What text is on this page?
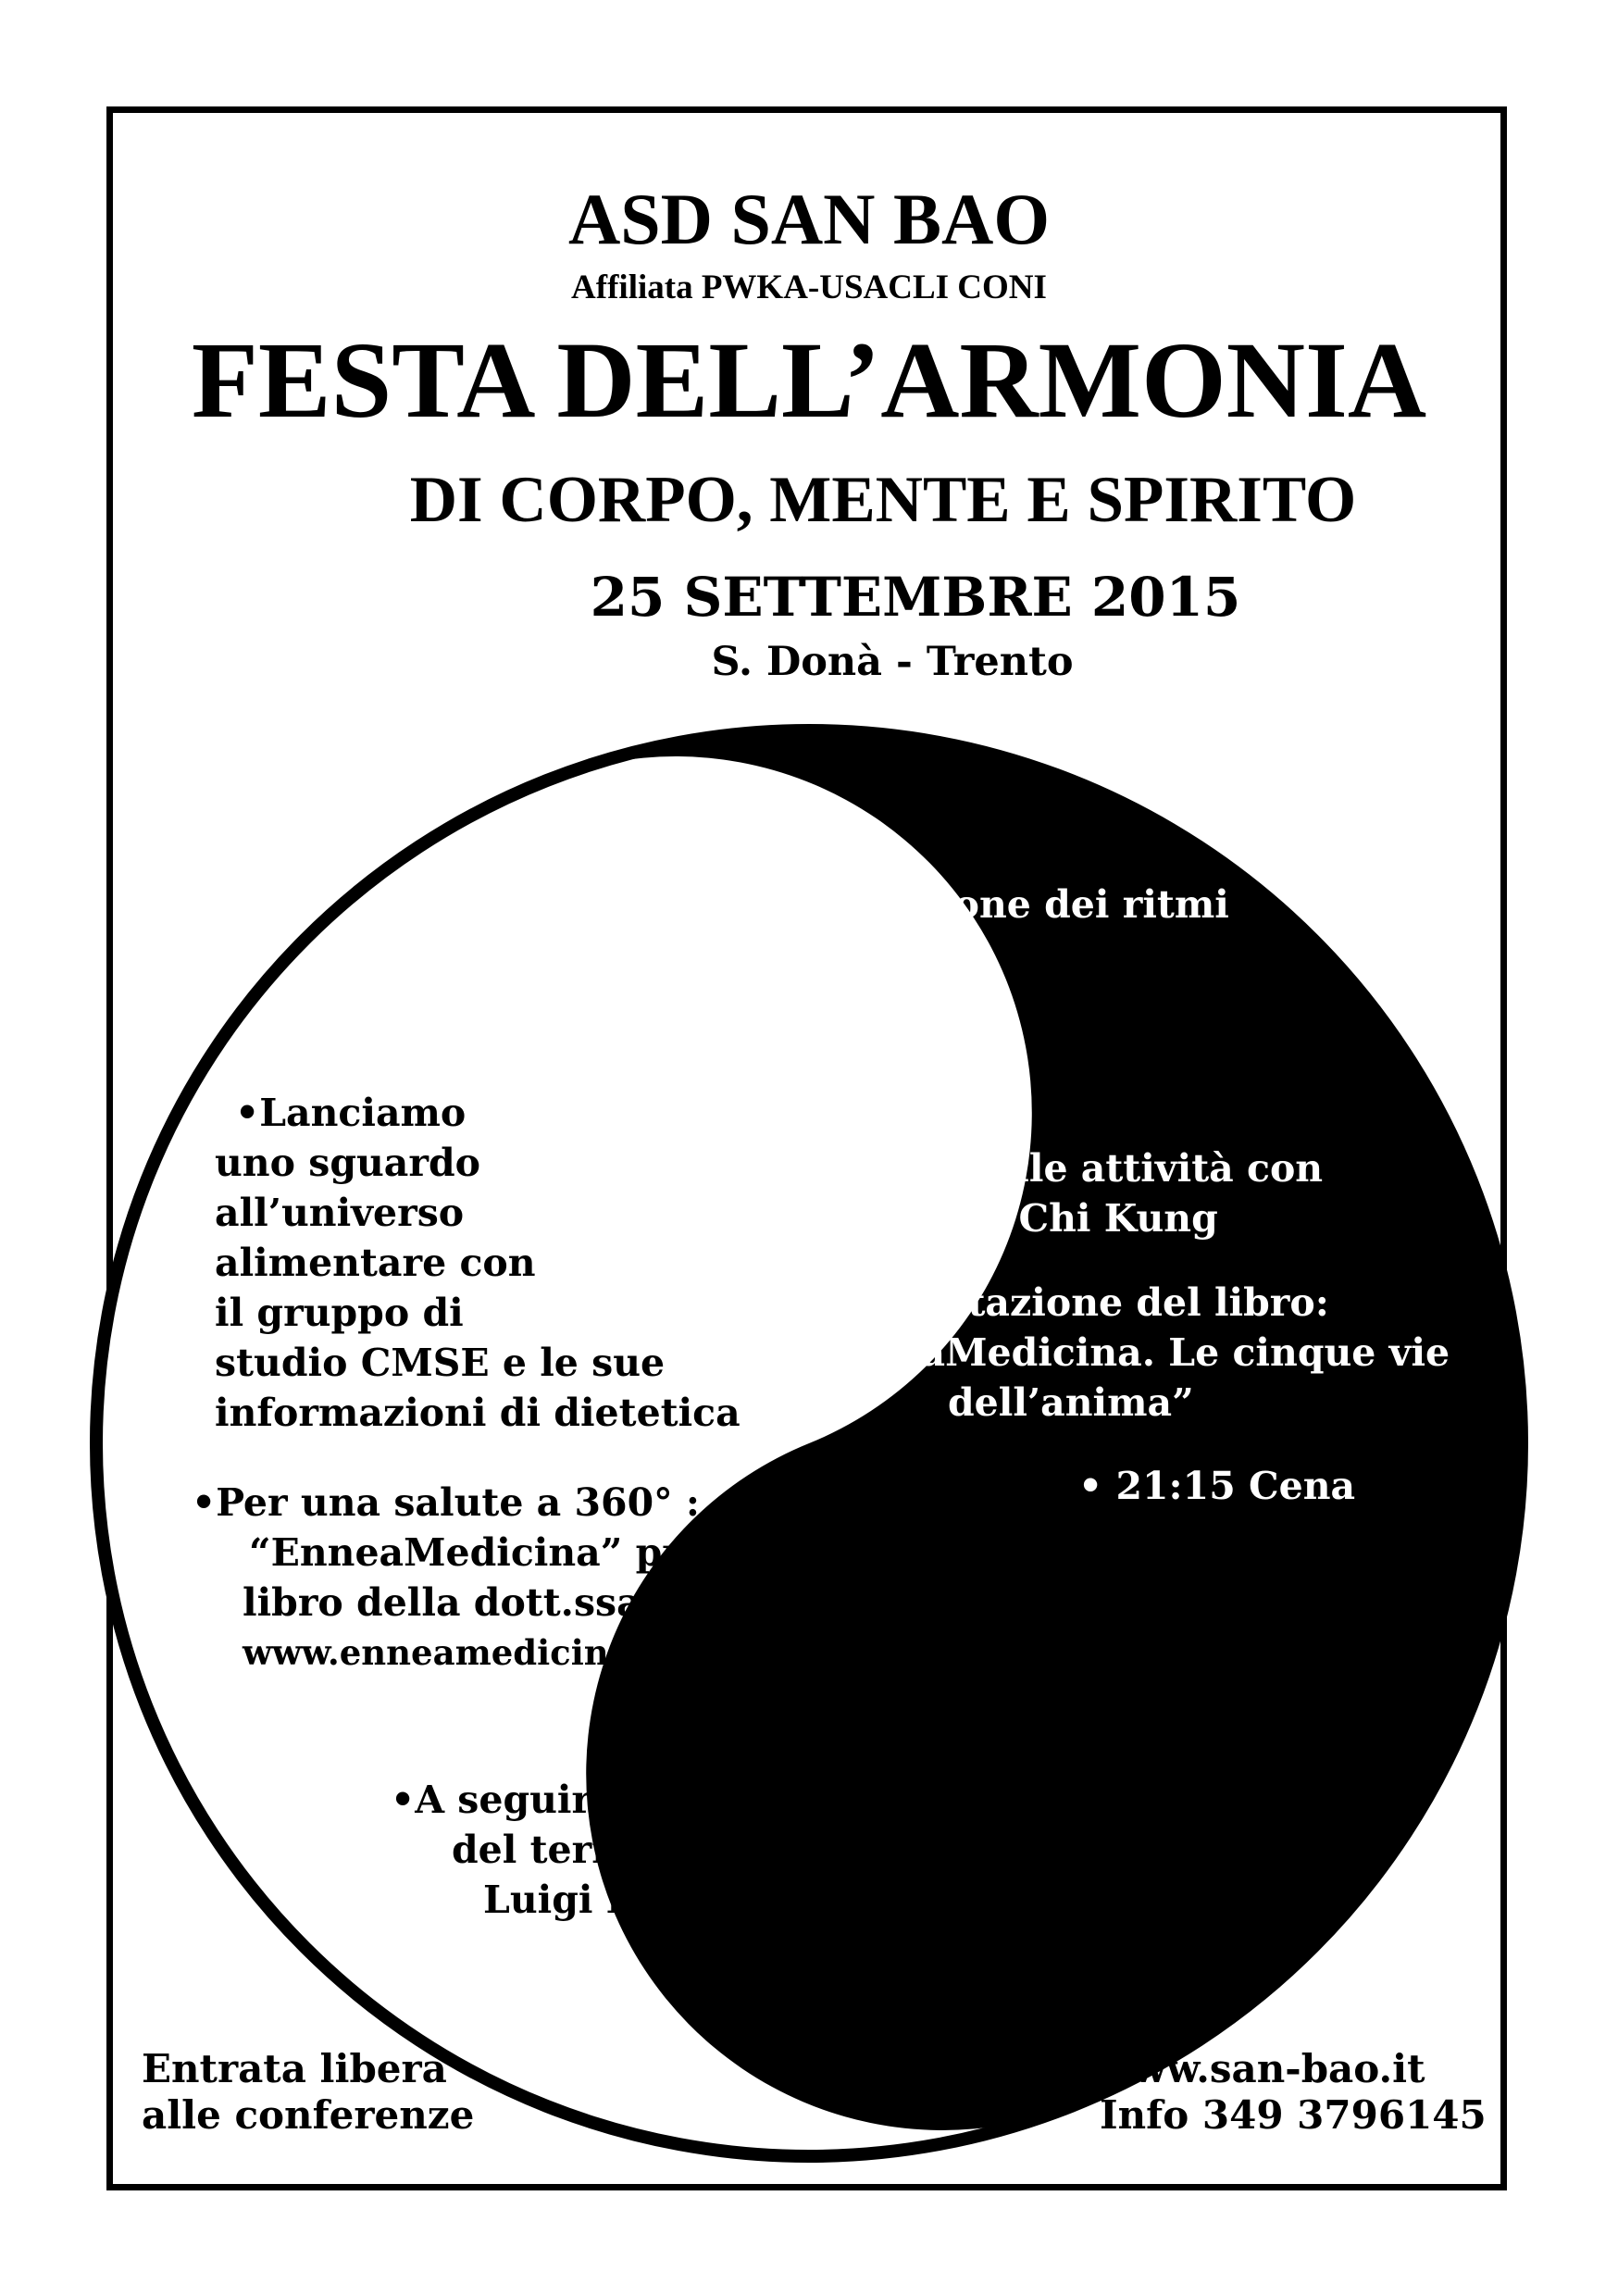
ASD SAN BAO
Affiliata PWKA-USACLI CONI
FESTA DELL’ARMONIA
DI CORPO, MENTE E SPIRITO
25 SETTEMBRE 2015
S. Donà - Trento
• 18:30 Alimentazione dei ritmi
stagionali
• 19:30 Introduzione alle attività con
pratica Tai Chi Chi Kung
• 20:15 Presentazione del libro:
“EnneaMedicina. Le cinque vie
dell’anima”
• 21:15 Cena
•Lanciamo
uno sguardo
all’universo
alimentare con
il gruppo di
studio CMSE e le sue
informazioni di dietetica
•Per una salute a 360° :
“EnneaMedicina” presentazione del
libro della dott.ssa Liliana Atz
www.enneamedicina.eu
•A seguire buon cibo
del territorio con lo chef
Luigi Montibeller
Entrata libera
alle conferenze
www.san-bao.it
Info 349 3796145
